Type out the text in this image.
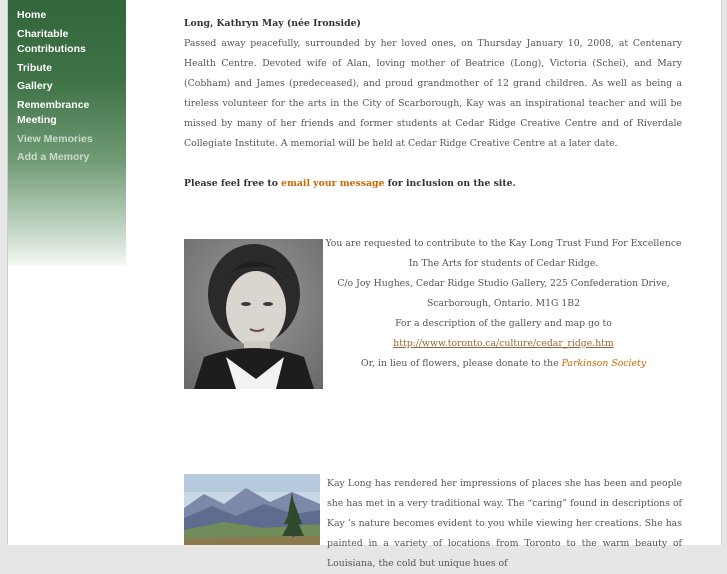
Home
Charitable Contributions
Tribute
Gallery
Remembrance Meeting
View Memories
Add a Memory
Long, Kathryn May (née Ironside)
Passed away peacefully, surrounded by her loved ones, on Thursday January 10, 2008, at Centenary Health Centre. Devoted wife of Alan, loving mother of Beatrice (Long), Victoria (Schei), and Mary (Cobham) and James (predeceased), and proud grandmother of 12 grand children. As well as being a tireless volunteer for the arts in the City of Scarborough, Kay was an inspirational teacher and will be missed by many of her friends and former students at Cedar Ridge Creative Centre and of Riverdale Collegiate Institute. A memorial will be held at Cedar Ridge Creative Centre at a later date.
Please feel free to email your message for inclusion on the site.
You are requested to contribute to the Kay Long Trust Fund For Excellence In The Arts for students of Cedar Ridge.
C/o Joy Hughes, Cedar Ridge Studio Gallery, 225 Confederation Drive, Scarborough, Ontario. M1G 1B2
For a description of the gallery and map go to
http://www.toronto.ca/culture/cedar_ridge.htm
Or, in lieu of flowers, please donate to the Parkinson Society
Kay Long has rendered her impressions of places she has been and people she has met in a very traditional way. The “caring” found in descriptions of Kay ’s nature becomes evident to you while viewing her creations. She has painted in a variety of locations from Toronto to the warm beauty of Louisiana, the cold but unique hues of
